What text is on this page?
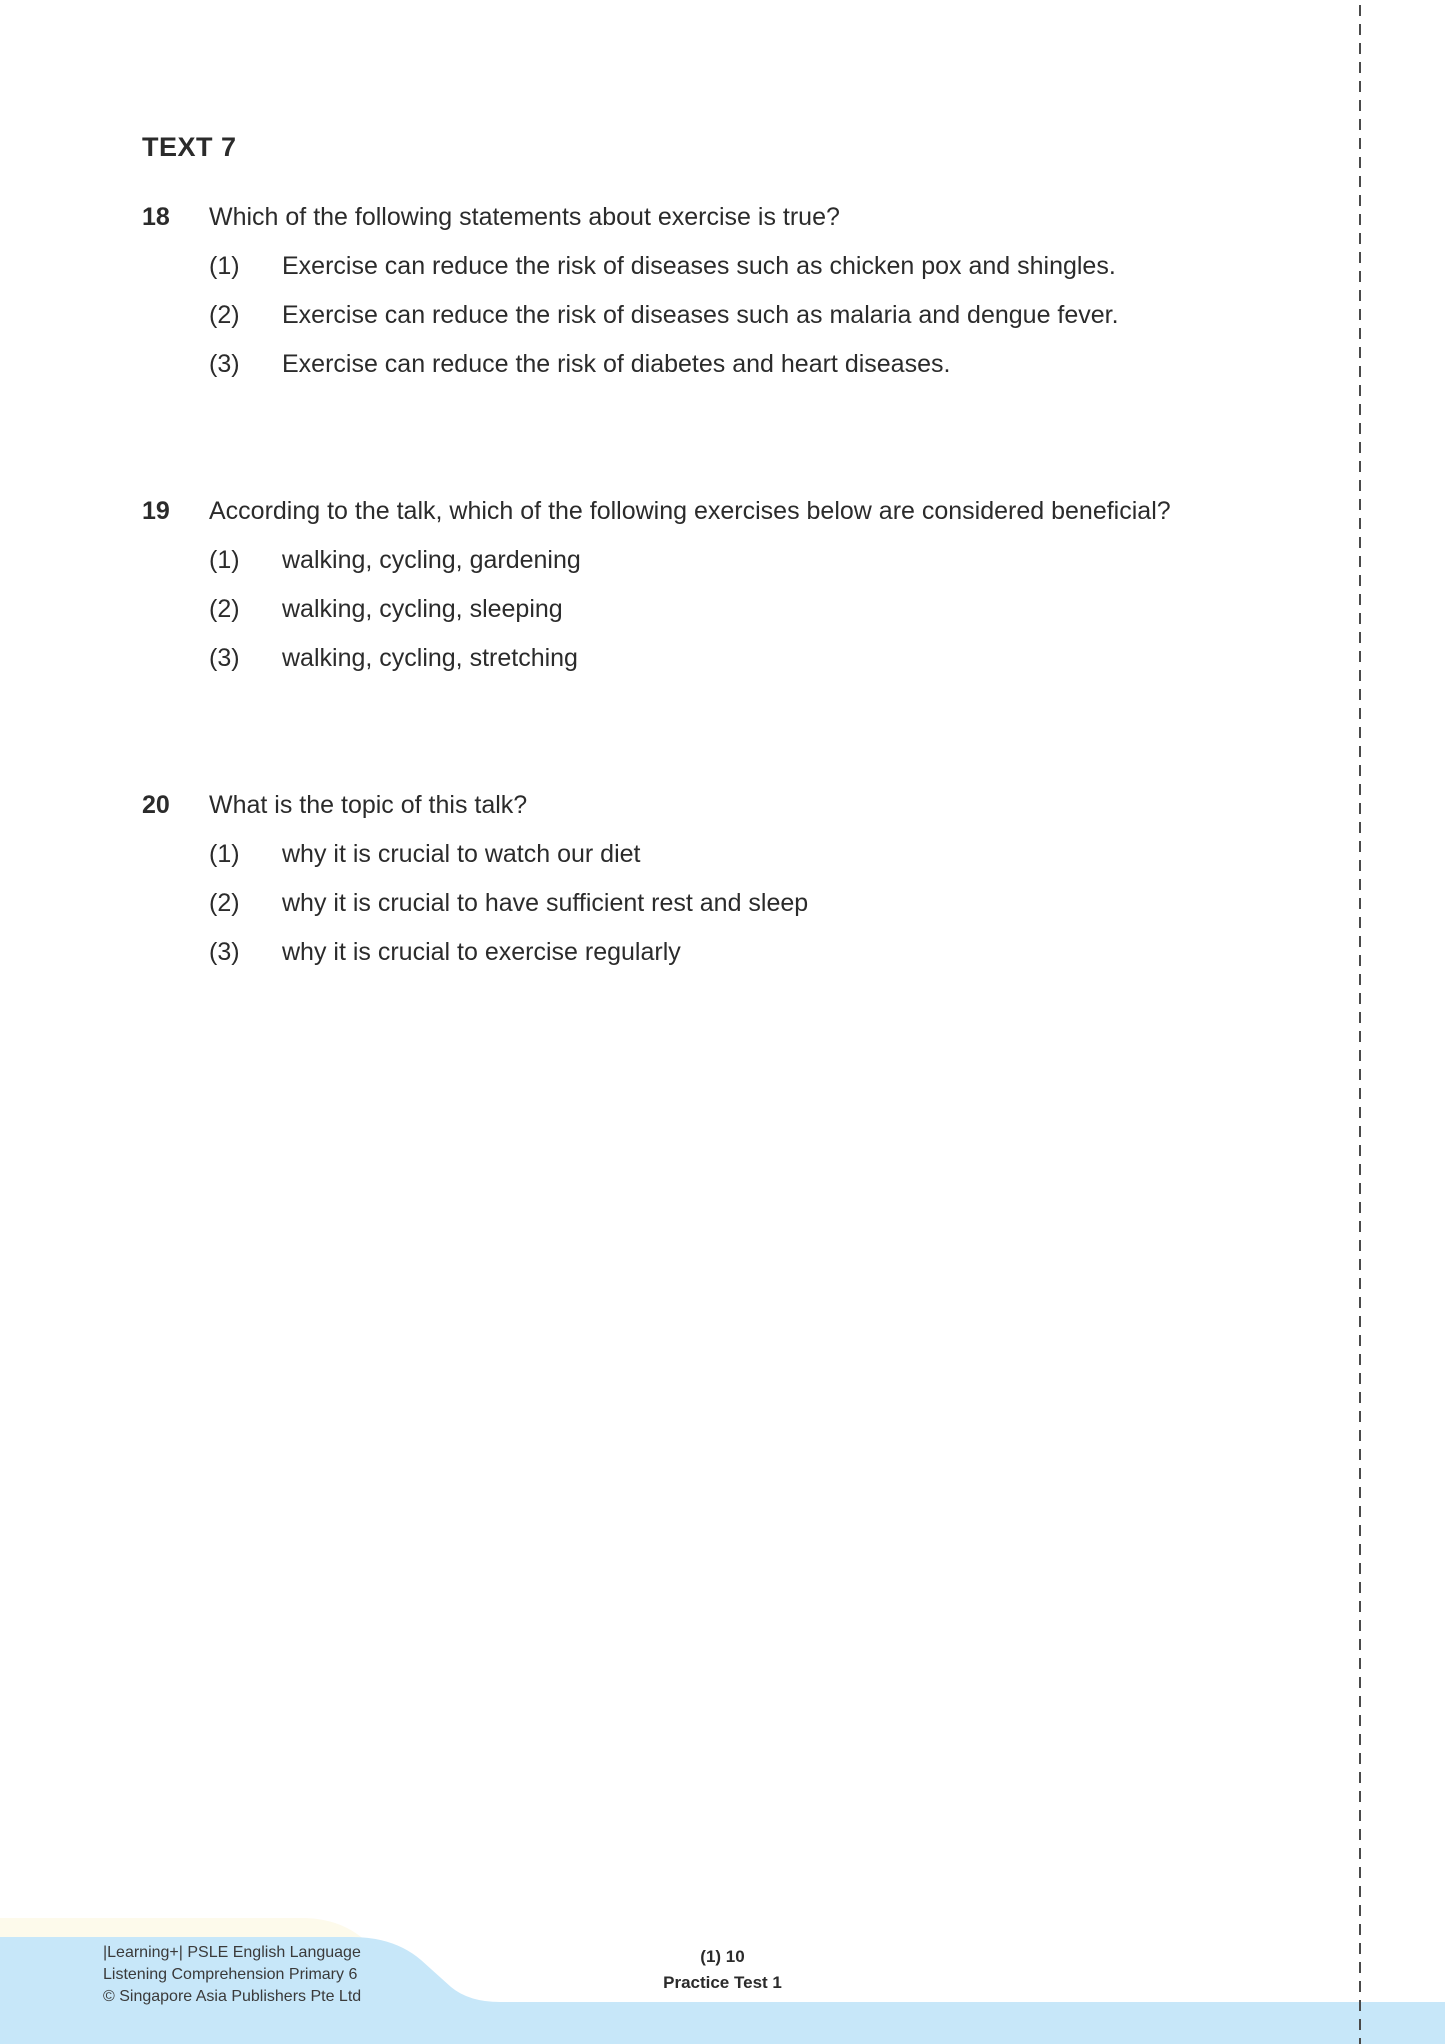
TEXT 7
18	Which of the following statements about exercise is true?
(1)	Exercise can reduce the risk of diseases such as chicken pox and shingles.
(2)	Exercise can reduce the risk of diseases such as malaria and dengue fever.
(3)	Exercise can reduce the risk of diabetes and heart diseases.
19	According to the talk, which of the following exercises below are considered beneficial?
(1)	walking, cycling, gardening
(2)	walking, cycling, sleeping
(3)	walking, cycling, stretching
20	What is the topic of this talk?
(1)	why it is crucial to watch our diet
(2)	why it is crucial to have sufficient rest and sleep
(3)	why it is crucial to exercise regularly
|Learning+| PSLE English Language
Listening Comprehension Primary 6
© Singapore Asia Publishers Pte Ltd
(1) 10
Practice Test 1
